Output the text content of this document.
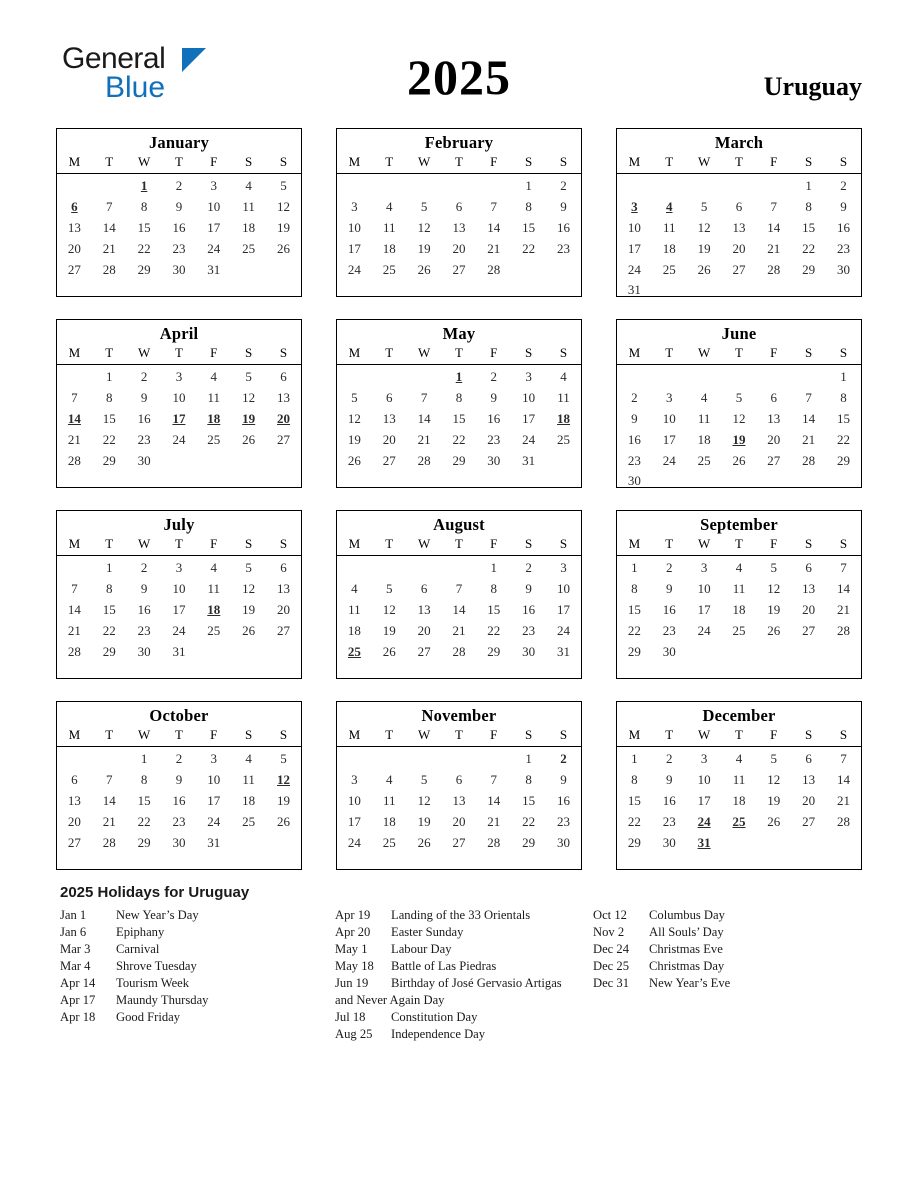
General
Blue	2025	Uruguay
January
M	T	W	T	F	S	S
		1	2	3	4	5
6	7	8	9	10	11	12
13	14	15	16	17	18	19
20	21	22	23	24	25	26
27	28	29	30	31		

February
M	T	W	T	F	S	S
					1	2
3	4	5	6	7	8	9
10	11	12	13	14	15	16
17	18	19	20	21	22	23
24	25	26	27	28		

March
M	T	W	T	F	S	S
					1	2
3	4	5	6	7	8	9
10	11	12	13	14	15	16
17	18	19	20	21	22	23
24	25	26	27	28	29	30
31						
April
M	T	W	T	F	S	S
	1	2	3	4	5	6
7	8	9	10	11	12	13
14	15	16	17	18	19	20
21	22	23	24	25	26	27
28	29	30				

May
M	T	W	T	F	S	S
			1	2	3	4
5	6	7	8	9	10	11
12	13	14	15	16	17	18
19	20	21	22	23	24	25
26	27	28	29	30	31	

June
M	T	W	T	F	S	S
						1
2	3	4	5	6	7	8
9	10	11	12	13	14	15
16	17	18	19	20	21	22
23	24	25	26	27	28	29
30						
July
M	T	W	T	F	S	S
	1	2	3	4	5	6
7	8	9	10	11	12	13
14	15	16	17	18	19	20
21	22	23	24	25	26	27
28	29	30	31			

August
M	T	W	T	F	S	S
				1	2	3
4	5	6	7	8	9	10
11	12	13	14	15	16	17
18	19	20	21	22	23	24
25	26	27	28	29	30	31

September
M	T	W	T	F	S	S
1	2	3	4	5	6	7
8	9	10	11	12	13	14
15	16	17	18	19	20	21
22	23	24	25	26	27	28
29	30					

October
M	T	W	T	F	S	S
		1	2	3	4	5
6	7	8	9	10	11	12
13	14	15	16	17	18	19
20	21	22	23	24	25	26
27	28	29	30	31		

November
M	T	W	T	F	S	S
					1	2
3	4	5	6	7	8	9
10	11	12	13	14	15	16
17	18	19	20	21	22	23
24	25	26	27	28	29	30

December
M	T	W	T	F	S	S
1	2	3	4	5	6	7
8	9	10	11	12	13	14
15	16	17	18	19	20	21
22	23	24	25	26	27	28
29	30	31				

2025 Holidays for Uruguay
Jan 1	New Year’s Day
Jan 6	Epiphany
Mar 3	Carnival
Mar 4	Shrove Tuesday
Apr 14	Tourism Week
Apr 17	Maundy Thursday
Apr 18	Good Friday
Apr 19	Landing of the 33 Orientals
Apr 20	Easter Sunday
May 1	Labour Day
May 18	Battle of Las Piedras
Jun 19	Birthday of José Gervasio Artigas
and Never Again Day
Jul 18	Constitution Day
Aug 25	Independence Day
Oct 12	Columbus Day
Nov 2	All Souls’ Day
Dec 24	Christmas Eve
Dec 25	Christmas Day
Dec 31	New Year’s Eve
